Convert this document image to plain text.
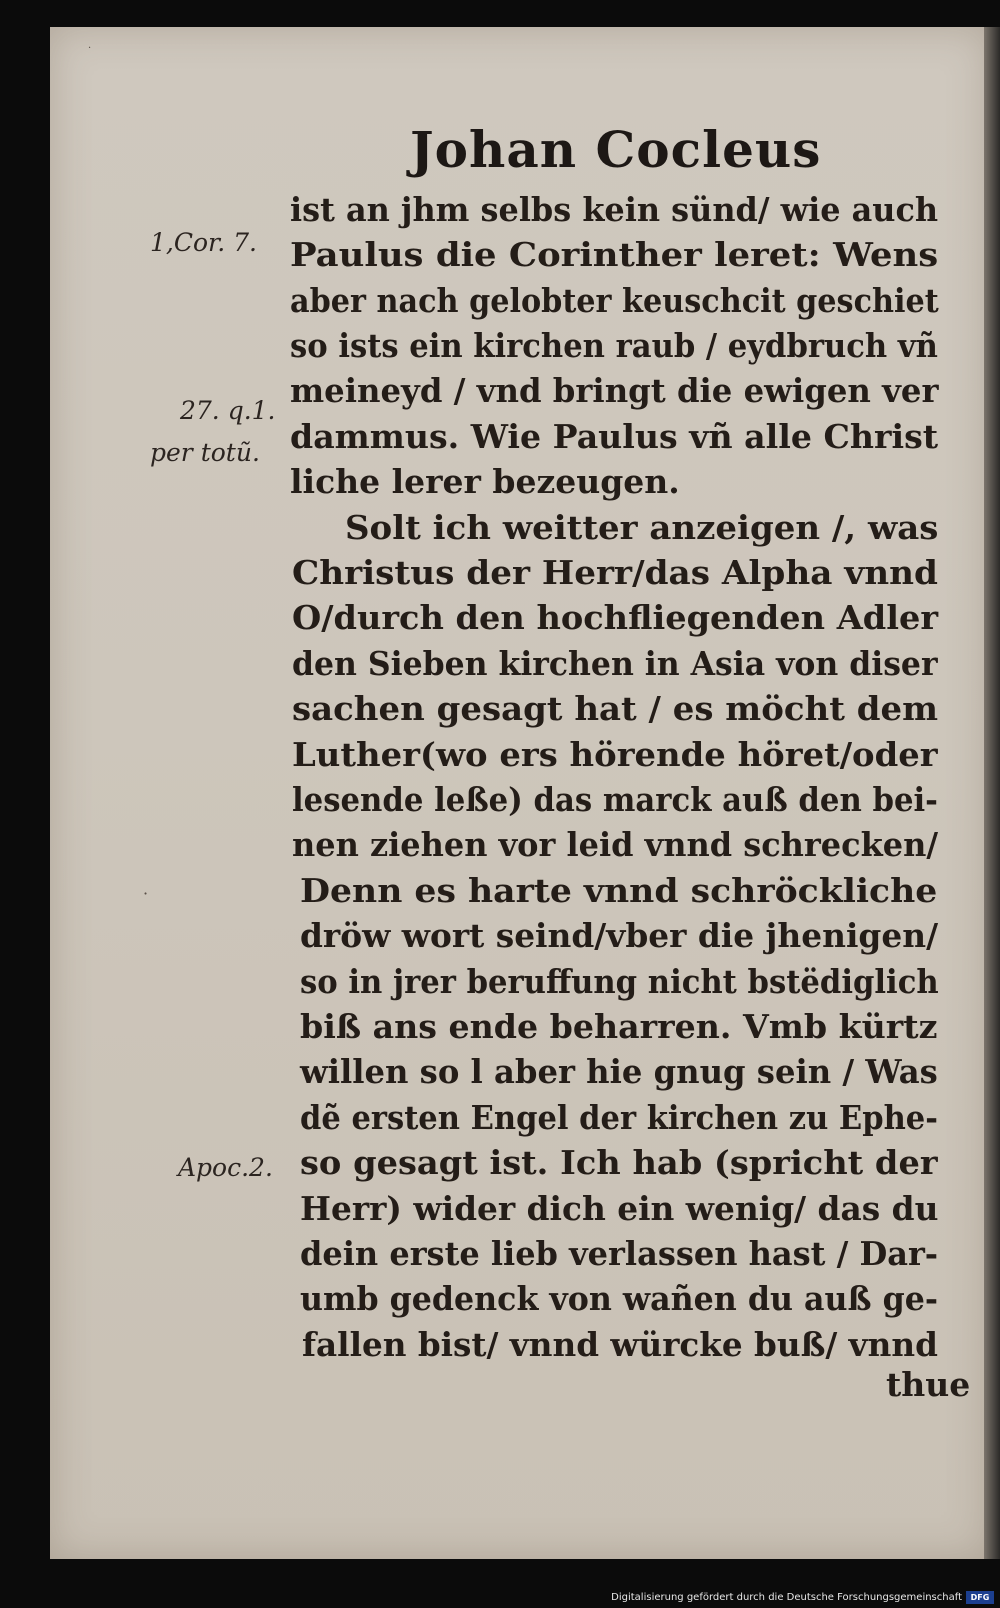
·
·
Johan Cocleus
ist an jhm selbs kein sünd/ wie auch
Paulus die Corinther leret: Wens
aber nach gelobter keuschcit geschiet
so ists ein kirchen raub / eydbruch vñ
meineyd / vnd bringt die ewigen ver
dammus. Wie Paulus vñ alle Christ
liche lerer bezeugen.
Solt ich weitter anzeigen /, was
Christus der Herr/das Alpha vnnd
O/durch den hochfliegenden Adler
den Sieben kirchen in Asia von diser
sachen gesagt hat / es möcht dem
Luther(wo ers hörende höret/oder
lesende leße) das marck auß den bei-
nen ziehen vor leid vnnd schrecken/
Denn es harte vnnd schröckliche
dröw wort seind/vber die jhenigen/
so in jrer beruffung nicht bstëdiglich
biß ans ende beharren. Vmb kürtz
willen so l aber hie gnug sein / Was
dẽ ersten Engel der kirchen zu Ephe-
so gesagt ist. Ich hab (spricht der
Herr) wider dich ein wenig/ das du
dein erste lieb verlassen hast / Dar-
umb gedenck von wañen du auß ge-
fallen bist/ vnnd würcke buß/ vnnd
1,Cor. 7.
27. q.1.
per totũ.
Apoc.2.
thue
Digitalisierung gefördert durch die Deutsche Forschungsgemeinschaft	DFG
